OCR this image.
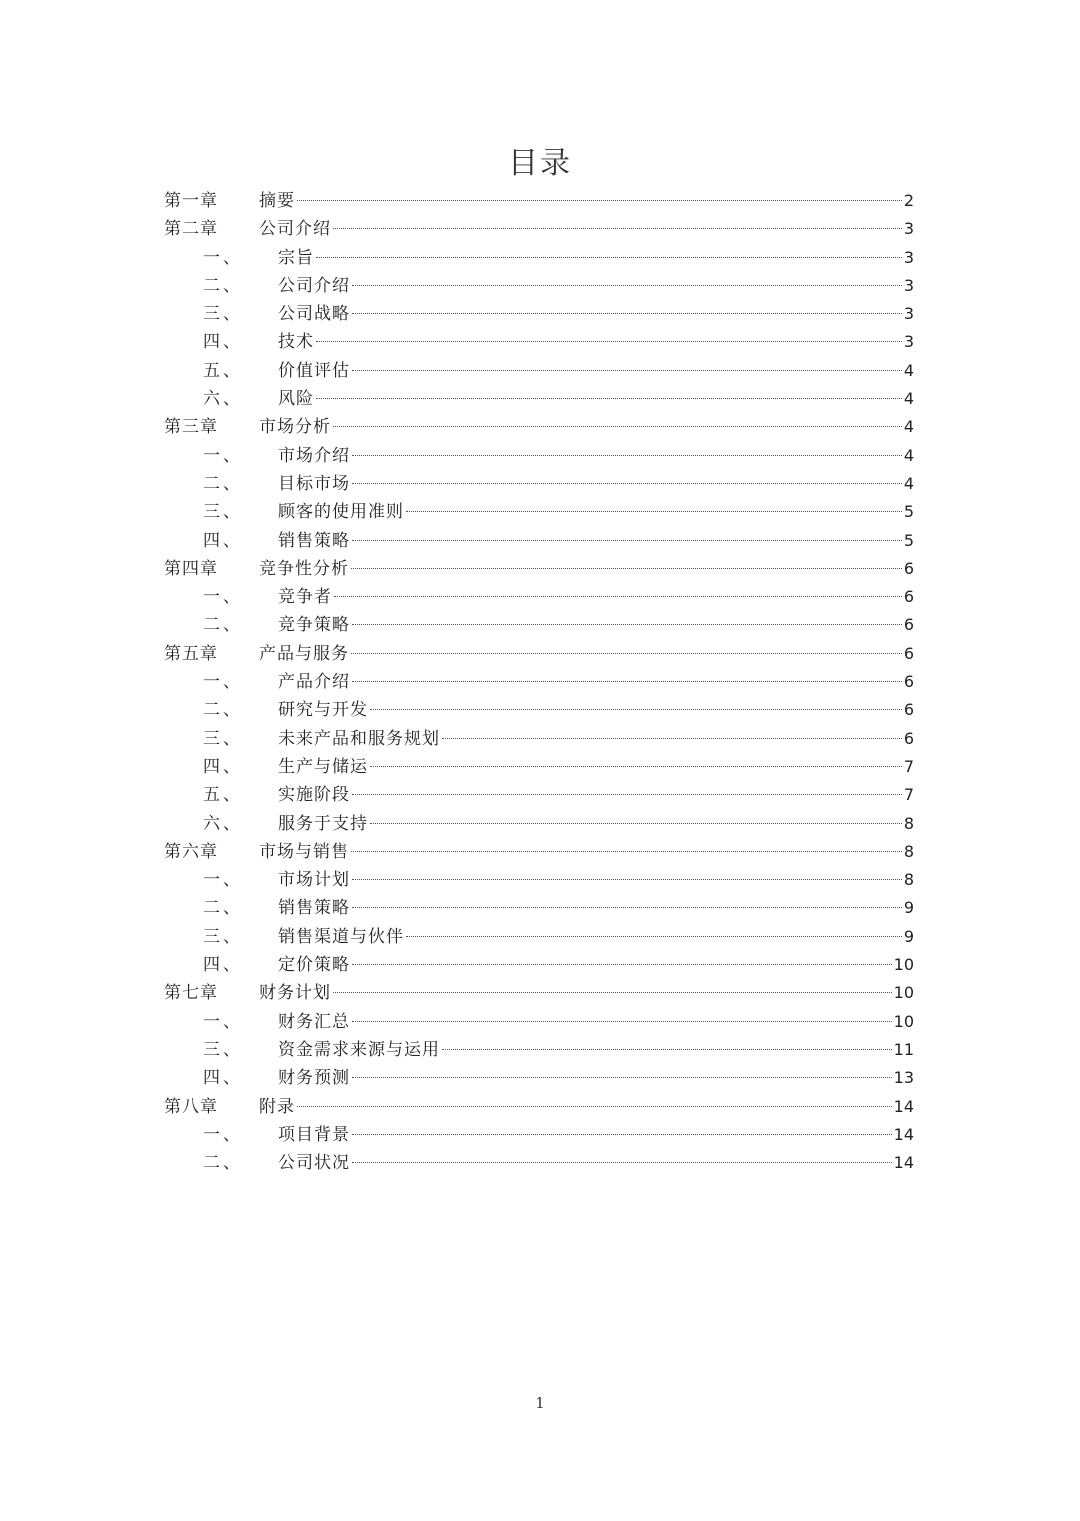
目录
第一章 摘要	2
第二章 公司介绍	3
一、 宗旨	3
二、 公司介绍	3
三、 公司战略	3
四、 技术	3
五、 价值评估	4
六、 风险	4
第三章 市场分析	4
一、 市场介绍	4
二、 目标市场	4
三、 顾客的使用准则	5
四、 销售策略	5
第四章 竞争性分析	6
一、 竞争者	6
二、 竞争策略	6
第五章 产品与服务	6
一、 产品介绍	6
二、 研究与开发	6
三、 未来产品和服务规划	6
四、 生产与储运	7
五、 实施阶段	7
六、 服务于支持	8
第六章 市场与销售	8
一、 市场计划	8
二、 销售策略	9
三、 销售渠道与伙伴	9
四、 定价策略	10
第七章 财务计划	10
一、 财务汇总	10
三、 资金需求来源与运用	11
四、 财务预测	13
第八章 附录	14
一、 项目背景	14
二、 公司状况	14
1
